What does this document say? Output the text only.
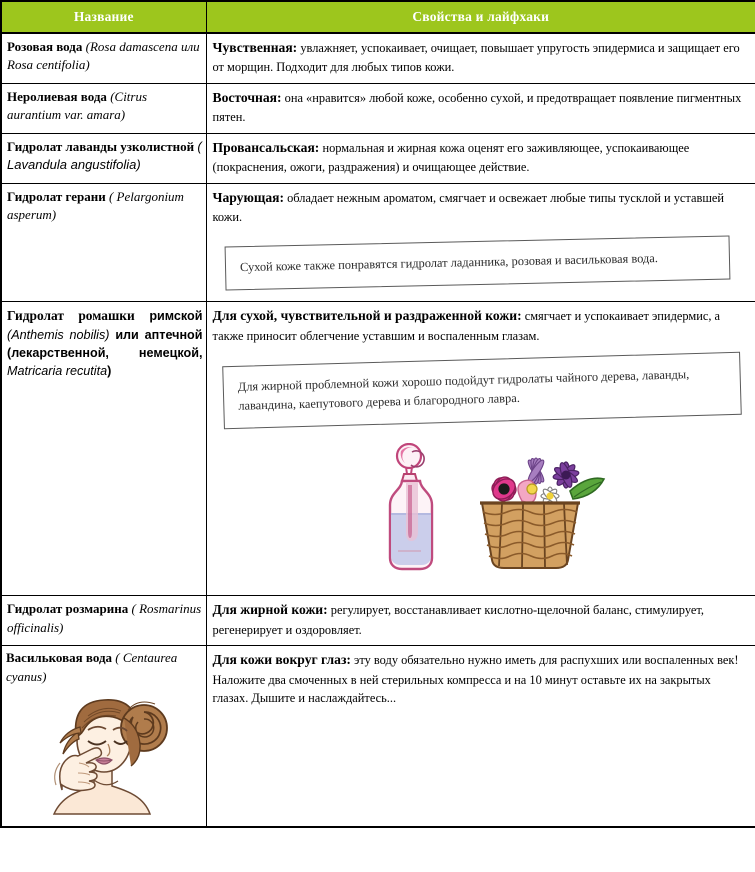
Название	Свойства и лайфхаки
Розовая вода (Rosa damascena или Rosa centifolia)	Чувственная: увлажняет, успокаивает, очищает, повышает упругость эпидермиса и защищает его от морщин. Подходит для любых типов кожи.
Неролиевая вода (Citrus aurantium var. amara)	Восточная: она «нравится» любой коже, особенно сухой, и предотвращает появление пигментных пятен.
Гидролат лаванды узколистной ( Lavandula angustifolia)	Провансальская: нормальная и жирная кожа оценят его заживляющее, успокаивающее (покраснения, ожоги, раздражения) и очищающее действие.
Гидролат герани ( Pelargonium asperum)	Чарующая: обладает нежным ароматом, смягчает и освежает любые типы тусклой и уставшей кожи.
Сухой коже также понравятся гидролат ладанника, розовая и васильковая вода.

Гидролат ромашки римской (Anthemis nobilis) или аптечной (лекарственной, немецкой, Matricaria recutita)	Для сухой, чувствительной и раздраженной кожи: смягчает и успокаивает эпидермис, а также приносит облегчение уставшим и воспаленным глазам.
Для жирной проблемной кожи хорошо подойдут гидролаты чайного дерева, лаванды, лавандина, каепутового дерева и благородного лавра.

Гидролат розмарина ( Rosmarinus officinalis)	Для жирной кожи: регулирует, восстанавливает кислотно-щелочной баланс, стимулирует, регенерирует и оздоровляет.

Васильковая вода ( Centaurea cyanus)	Для кожи вокруг глаз: эту воду обязательно нужно иметь для распухших или воспаленных век! Наложите два смоченных в ней стерильных компресса и на 10 минут оставьте их на закрытых глазах. Дышите и наслаждайтесь...
